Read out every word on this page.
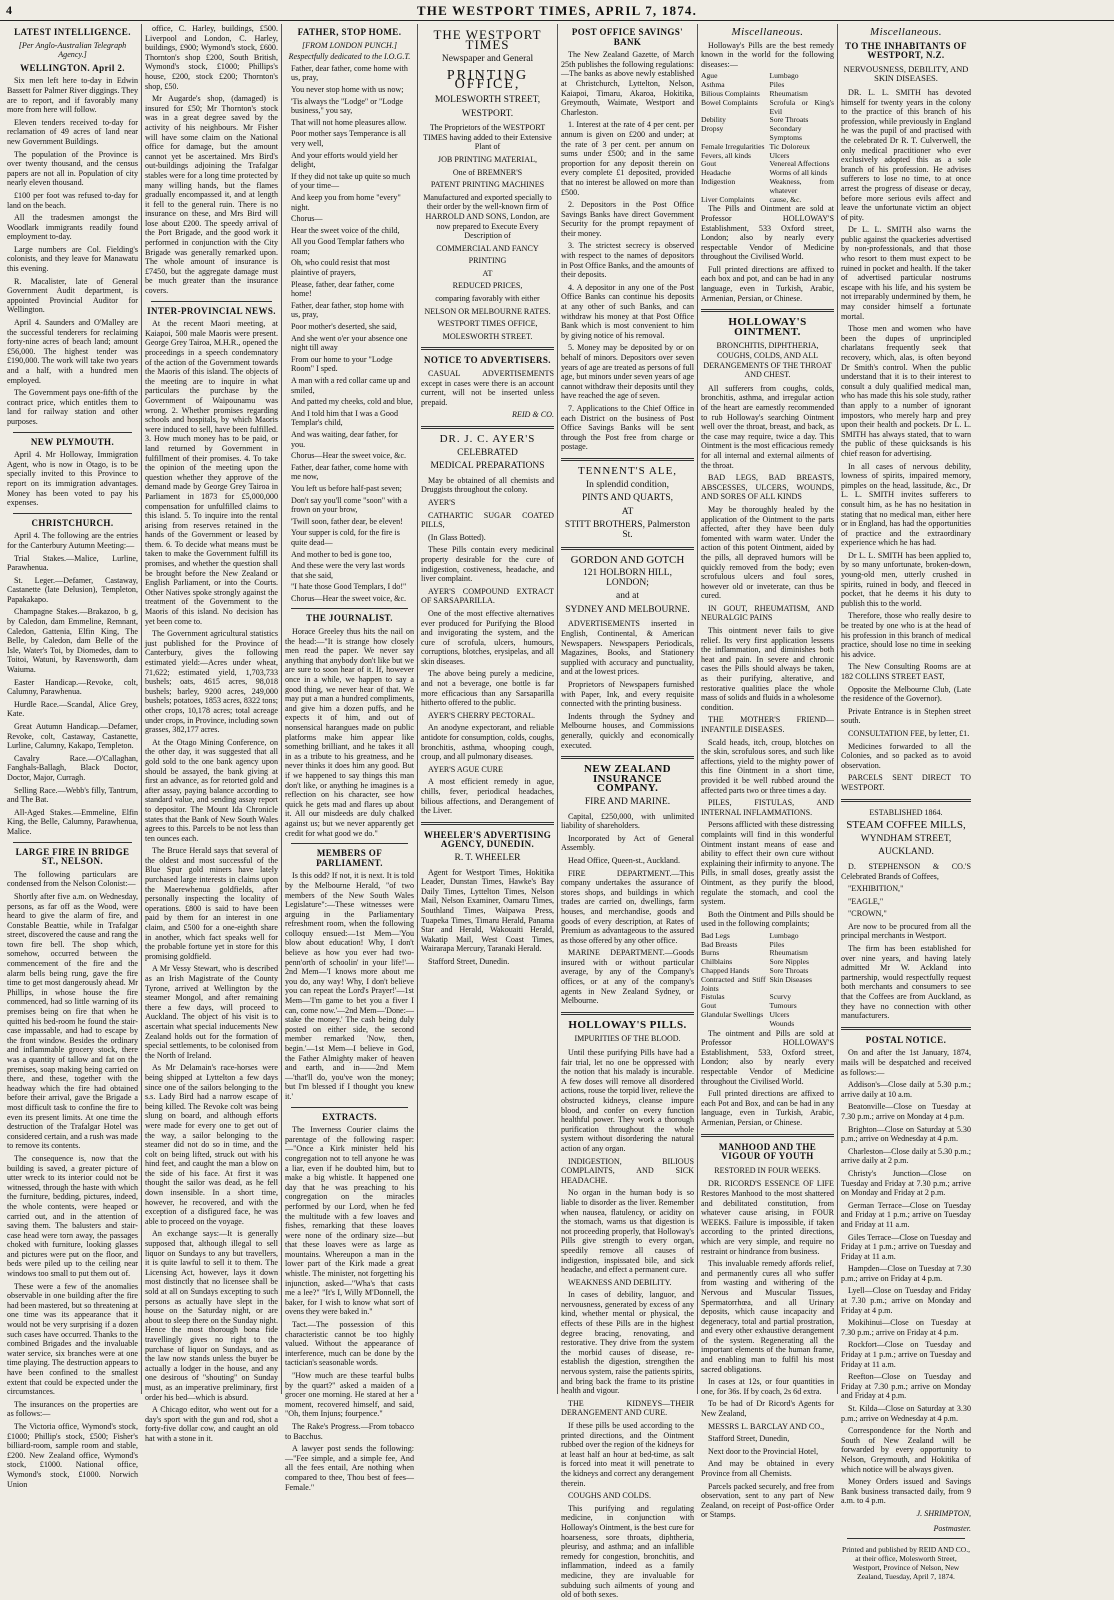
4	THE WESTPORT TIMES, APRIL 7, 1874.
LATEST INTELLIGENCE.
[Per Anglo-Australian Telegraph Agency.]
WELLINGTON. April 2.

Six men left here to-day in Edwin Bassett for Palmer River diggings. They are to report, and if favorably many more from here will follow.

Eleven tenders received to-day for reclamation of 49 acres of land near new Government Buildings.

The population of the Province is over twenty thousand, and the census papers are not all in. Population of city nearly eleven thousand.

£100 per foot was refused to-day for land on the beach.

All the tradesmen amongst the Woodlark immigrants readily found employment to-day.

Large numbers are Col. Fielding's colonists, and they leave for Manawatu this evening.

R. Macalister, late of General Government Audit department, is appointed Provincial Auditor for Wellington.

April 4. Saunders and O'Malley are the successful tenderers for reclaiming forty-nine acres of beach land; amount £56,000. The highest tender was £190,000. The work will take two years and a half, with a hundred men employed.

The Government pays one-fifth of the contract price, which entitles them to land for railway station and other purposes.

NEW PLYMOUTH.

April 4. Mr Holloway, Immigration Agent, who is now in Otago, is to be specially invited to this Province to report on its immigration advantages. Money has been voted to pay his expenses.

CHRISTCHURCH.

April 4. The following are the entries for the Canterbury Autumn Meeting:—

Trial Stakes.—Malice, Lurline, Parawhenua.

St. Leger.—Defamer, Castaway, Castanette (late Delusion), Templeton, Papakakapo.

Champagne Stakes.—Brakazoo, b g, by Caledon, dam Emmeline, Remnant, Caledon, Gattenia, Elfin King, The Belle, by Caledon, dam Belle of the Isle, Water's Toi, by Diomedes, dam to Toitoi, Watuni, by Ravensworth, dam Waiuma.

Easter Handicap.—Revoke, colt, Calumny, Parawhenua.

Hurdle Race.—Scandal, Alice Grey, Kate.

Great Autumn Handicap.—Defamer, Revoke, colt, Castaway, Castanette, Lurline, Calumny, Kakapo, Templeton.

Cavalry Race.—O'Callaghan, Fanghals-Ballagh, Black Doctor, Doctor, Major, Curragh.

Selling Race.—Webb's filly, Tantrum, and The Bat.

All-Aged Stakes.—Emmeline, Elfin King, the Belle, Calumny, Parawhenua, Malice.

LARGE FIRE IN BRIDGE ST., NELSON.

The following particulars are condensed from the Nelson Colonist:—

Shortly after five a.m. on Wednesday, persons, as far off as the Wood, were heard to give the alarm of fire, and Constable Beattie, while in Trafalgar street, discovered the cause and rang the town fire bell. The shop which, somehow, occurred between the commencement of the fire and the alarm bells being rung, gave the fire time to get most dangerously ahead. Mr Phillips, in whose house the fire commenced, had so little warning of its premises being on fire that when he quitted his bed-room he found the stair-case impassable, and had to escape by the front window. Besides the ordinary and inflammable grocery stock, there was a quantity of tallow and fat on the premises, soap making being carried on there, and these, together with the headway which the fire had obtained before their arrival, gave the Brigade a most difficult task to confine the fire to even its present limits. At one time the destruction of the Trafalgar Hotel was considered certain, and a rush was made to remove its contents.

The consequence is, now that the building is saved, a greater picture of utter wreck to its interior could not be witnessed, through the haste with which the furniture, bedding, pictures, indeed, the whole contents, were heaped or carried out, and in the attention of saving them. The balusters and stair-case head were torn away, the passages choked with furniture, looking glasses and pictures were put on the floor, and beds were piled up to the ceiling near windows too small to put them out of.

These were a few of the anomalies observable in one building after the fire had been mastered, but so threatening at one time was its appearance that it would not be very surprising if a dozen such cases have occurred. Thanks to the combined Brigades and the invaluable water service, six branches were at one time playing. The destruction appears to have been confined to the smallest extent that could be expected under the circumstances.

The insurances on the properties are as follows:—

The Victoria office, Wymond's stock, £1000; Phillip's stock, £500; Fisher's billiard-room, sample room and stable, £200. New Zealand office, Wymond's stock, £1000. National office, Wymond's stock, £1000. Norwich Union

office, C. Harley, buildings, £500. Liverpool and London, C. Harley, buildings, £900; Wymond's stock, £600. Thornton's shop £200, South British, Wymond's stock, £1000; Phillips's house, £200, stock £200; Thornton's shop, £50.

Mr Augarde's shop, (damaged) is insured for £50; Mr Thornton's stock was in a great degree saved by the activity of his neighbours. Mr Fisher will have some claim on the National office for damage, but the amount cannot yet be ascertained. Mrs Bird's out-buildings adjoining the Trafalgar stables were for a long time protected by many willing hands, but the flames gradually encompassed it, and at length it fell to the general ruin. There is no insurance on these, and Mrs Bird will lose about £200. The speedy arrival of the Port Brigade, and the good work it performed in conjunction with the City Brigade was generally remarked upon. The whole amount of insurance is £7450, but the aggregate damage must be much greater than the insurance covers.

INTER-PROVINCIAL NEWS.

At the recent Maori meeting, at Kaiapoi, 500 male Maoris were present. George Grey Tairoa, M.H.R., opened the proceedings in a speech condemnatory of the action of the Government towards the Maoris of this island. The objects of the meeting are to inquire in what particulars the purchase by the Government of Waipounamu was wrong. 2. Whether promises regarding schools and hospitals, by which Maoris were induced to sell, have been fulfilled. 3. How much money has to be paid, or land returned by Government in fulfillment of their promises. 4. To take the opinion of the meeting upon the question whether they approve of the demand made by George Grey Tairoa in Parliament in 1873 for £5,000,000 compensation for unfulfilled claims to this island. 5. To inquire into the rental arising from reserves retained in the hands of the Government or leased by them. 6. To decide what means must be taken to make the Government fulfill its promises, and whether the question shall be brought before the New Zealand or English Parliament, or into the Courts. Other Natives spoke strongly against the treatment of the Government to the Maoris of this island. No decision has yet been come to.

The Government agricultural statistics just published for the Province of Canterbury, gives the following estimated yield:—Acres under wheat, 71,622; estimated yield, 1,703,733 bushels; oats, 4615 acres, 98,018 bushels; barley, 9200 acres, 249,000 bushels; potatoes, 1853 acres, 8322 tons; other crops, 10,178 acres; total acreage under crops, in Province, including sown grasses, 382,177 acres.

At the Otago Mining Conference, on the other day, it was suggested that all gold sold to the one bank agency upon should be assayed, the bank giving at first an advance, as for retorted gold and after assay, paying balance according to standard value, and sending assay report to depositor. The Mount Ida Chronicle states that the Bank of New South Wales agrees to this. Parcels to be not less than ten ounces each.

The Bruce Herald says that several of the oldest and most successful of the Blue Spur gold miners have lately purchased large interests in claims upon the Maerewhenua goldfields, after personally inspecting the locality of operations. £800 is said to have been paid by them for an interest in one claim, and £500 for a one-eighth share in another, which fact speaks well for the probable fortune yet in store for this promising goldfield.

A Mr Vessy Stewart, who is described as an Irish Magistrate of the County Tyrone, arrived at Wellington by the steamer Mongol, and after remaining there a few days, will proceed to Auckland. The object of his visit is to ascertain what special inducements New Zealand holds out for the formation of special settlements, to be colonised from the North of Ireland.

As Mr Delamain's race-horses were being shipped at Lyttelton a few days since one of the sailors belonging to the s.s. Lady Bird had a narrow escape of being killed. The Revoke colt was being slung on board, and although efforts were made for every one to get out of the way, a sailor belonging to the steamer did not do so in time, and the colt on being lifted, struck out with his hind feet, and caught the man a blow on the side of his face. At first it was thought the sailor was dead, as he fell down insensible. In a short time, however, he recovered, and with the exception of a disfigured face, he was able to proceed on the voyage.

An exchange says:—It is generally supposed that, although illegal to sell liquor on Sundays to any but travellers, it is quite lawful to sell it to them. The Licensing Act, however, lays it down most distinctly that no licensee shall be sold at all on Sundays excepting to such persons as actually have slept in the house on the Saturday night, or are about to sleep there on the Sunday night. Hence the most thorough bona fide travellingly gives no right to the purchase of liquor on Sundays, and as the law now stands unless the buyer be actually a lodger in the house, and any one desirous of "shouting" on Sunday must, as an imperative preliminary, first order his bed—which is absurd.

A Chicago editor, who went out for a day's sport with the gun and rod, shot a forty-five dollar cow, and caught an old hat with a stone in it.

FATHER, STOP HOME.
[FROM LONDON PUNCH.]
Respectfully dedicated to the I.O.G.T.

Father, dear father, come home with us, pray,

You never stop home with us now;

'Tis always the "Lodge" or "Lodge business," you say,

That will not home pleasures allow.

Poor mother says Temperance is all very well,

And your efforts would yield her delight,

If they did not take up quite so much of your time—

And keep you from home "every" night.

Chorus—

Hear the sweet voice of the child,

All you Good Templar fathers who roam;

Oh, who could resist that most plaintive of prayers,

Please, father, dear father, come home!

Father, dear father, stop home with us, pray,

Poor mother's deserted, she said,

And she went o'er your absence one night till away

From our home to your "Lodge Room" I sped.

A man with a red collar came up and smiled,

And patted my cheeks, cold and blue,

And I told him that I was a Good Templar's child,

And was waiting, dear father, for you.

Chorus—Hear the sweet voice, &c.

Father, dear father, come home with me now,

You left us before half-past seven;

Don't say you'll come "soon" with a frown on your brow,

'Twill soon, father dear, be eleven!

Your supper is cold, for the fire is quite dead—

And mother to bed is gone too,

And these were the very last words that she said,

"I hate those Good Templars, I do!"

Chorus—Hear the sweet voice, &c.

THE JOURNALIST.

Horace Greeley thus hits the nail on the head:—"It is strange how closely men read the paper. We never say anything that anybody don't like but we are sure to soon hear of it. If, however once in a while, we happen to say a good thing, we never hear of that. We may put a man a hundred compliments, and give him a dozen puffs, and he expects it of him, and out of nonsensical harangues made on public platforms make him appear like something brilliant, and he takes it all in as a tribute to his greatness, and he never thinks it does him any good. But if we happened to say things this man don't like, or anything he imagines is a reflection on his character, see how quick he gets mad and flares up about it. All our misdeeds are duly chalked against us; but we never apparently get credit for what good we do."

MEMBERS OF PARLIAMENT.

Is this odd? If not, it is next. It is told by the Melbourne Herald, "of two members of the New South Wales Legislature":—These witnesses were arguing in the Parliamentary refreshment room, when the following colloquy ensued:—1st Mem—'You blow about education! Why, I don't believe as how you ever had two-penn'orth of schoolin' in your life!'—2nd Mem—'I knows more about me you do, any way! Why, I don't believe you can repeat the Lord's Prayer!'—1st Mem—'I'm game to bet you a fiver I can, come now.'—2nd Mem—'Done:—stake the money.' The cash being duly posted on either side, the second member remarked 'Now, then, begin.'—1st Mem—I believe in God, the Father Almighty maker of heaven and earth, and in——2nd Mem—'that'll do, you've won the money; but I'm blessed if I thought you knew it.'

EXTRACTS.

The Inverness Courier claims the parentage of the following rasper:—"Once a Kirk minister held his congregation not to tell anyone he was a liar, even if he doubted him, but to make a big whistle. It happened one day that he was preaching to his congregation on the miracles performed by our Lord, when he fed the multitude with a few loaves and fishes, remarking that these loaves were none of the ordinary size—but that these loaves were as large as mountains. Whereupon a man in the lower part of the Kirk made a great whistle. The minister, not forgetting his injunction, asked—"Wha's that casts me a lee?" "It's I, Willy M'Donnell, the baker, for I wish to know what sort of ovens they were baked in."

Tact.—The possession of this characteristic cannot be too highly valued. Without the appearance of interference, much can be done by the tactician's seasonable words.

"How much are these tearful bulbs by the quart?" asked a maiden of a grocer one morning. He stared at her a moment, recovered himself, and said, "Oh, them Injuns; fourpence."

The Rake's Progress.—From tobacco to Bacchus.

A lawyer post sends the following:—"Fee simple, and a simple fee, And all the fees entail, Are nothing when compared to thee, Thou best of fees—Female."

THE WESTPORT TIMES
Newspaper and General
PRINTING OFFICE,
MOLESWORTH STREET,
WESTPORT.

The Proprietors of the WESTPORT TIMES having added to their Extensive Plant of

JOB PRINTING MATERIAL,

One of BREMNER'S

PATENT PRINTING MACHINES

Manufactured and exported specially to their order by the well-known firm of HARROLD AND SONS, London, are now prepared to Execute Every Description of

COMMERCIAL AND FANCY

PRINTING

AT

REDUCED PRICES,

comparing favorably with either

NELSON OR MELBOURNE RATES.

WESTPORT TIMES OFFICE,

MOLESWORTH STREET.

NOTICE TO ADVERTISERS.

CASUAL ADVERTISEMENTS except in cases were there is an account current, will not be inserted unless prepaid.

REID & CO.
DR. J. C. AYER'S
CELEBRATED
MEDICAL PREPARATIONS

May be obtained of all chemists and Druggists throughout the colony.

AYER'S

CATHARTIC SUGAR COATED PILLS,

(In Glass Botted).

These Pills contain every medicinal property desirable for the cure of indigestion, costiveness, headache, and liver complaint.

AYER'S COMPOUND EXTRACT OF SARSAPARILLA.

One of the most effective alternatives ever produced for Purifying the Blood and invigorating the system, and the cure of scrofula, ulcers, humours, corruptions, blotches, erysipelas, and all skin diseases.

The above being purely a medicine, and not a beverage, one bottle is far more efficacious than any Sarsaparilla hitherto offered to the public.

AYER'S CHERRY PECTORAL.

An anodyne expectorant, and reliable antidote for consumption, colds, coughs, bronchitis, asthma, whooping cough, croup, and all pulmonary diseases.

AYER'S AGUE CURE

A most efficient remedy in ague, chills, fever, periodical headaches, bilious affections, and Derangement of the Liver.

WHEELER'S ADVERTISING AGENCY, DUNEDIN.
R. T. WHEELER

Agent for Westport Times, Hokitika Leader, Dunstan Times, Hawke's Bay Daily Times, Lyttelton Times, Nelson Mail, Nelson Examiner, Oamaru Times, Southland Times, Waipawa Press, Tuapeka Times, Timaru Herald, Panama Star and Herald, Wakouaiti Herald, Wakatip Mail, West Coast Times, Wairarapa Mercury, Taranaki Herald.

Stafford Street, Dunedin.

POST OFFICE SAVINGS' BANK

The New Zealand Gazette, of March 25th publishes the following regulations:—The banks as above newly established at Christchurch, Lyttelton, Nelson, Kaiapoi, Timaru, Akaroa, Hokitika, Greymouth, Waimate, Westport and Charleston.

1. Interest at the rate of 4 per cent. per annum is given on £200 and under; at the rate of 3 per cent. per annum on sums under £500; and in the same proportion for any deposit therein on every complete £1 deposited, provided that no interest be allowed on more than £500.

2. Depositors in the Post Office Savings Banks have direct Government Security for the prompt repayment of their money.

3. The strictest secrecy is observed with respect to the names of depositors in Post Office Banks, and the amounts of their deposits.

4. A depositor in any one of the Post Office Banks can continue his deposits at any other of such Banks, and can withdraw his money at that Post Office Bank which is most convenient to him by giving notice of his removal.

5. Money may be deposited by or on behalf of minors. Depositors over seven years of age are treated as persons of full age, but minors under seven years of age cannot withdraw their deposits until they have reached the age of seven.

7. Applications to the Chief Office in each District on the business of Post Office Savings Banks will be sent through the Post free from charge or postage.

TENNENT'S ALE,
In splendid condition,
PINTS AND QUARTS,
AT
STITT BROTHERS, Palmerston St.
GORDON AND GOTCH
121 HOLBORN HILL, LONDON;
and at
SYDNEY AND MELBOURNE.

ADVERTISEMENTS inserted in English, Continental, & American Newspapers. Newspapers Periodicals, Magazines, Books, and Stationery supplied with accuracy and punctuality, and at the lowest prices.

Proprietors of Newspapers furnished with Paper, Ink, and every requisite connected with the printing business.

Indents through the Sydney and Melbourne houses, and Commissions generally, quickly and economically executed.

NEW ZEALAND INSURANCE COMPANY.
FIRE AND MARINE.

Capital, £250,000, with unlimited liability of shareholders.

Incorporated by Act of General Assembly.

Head Office, Queen-st., Auckland.

FIRE DEPARTMENT.—This company undertakes the assurance of stores shops, and buildings in which trades are carried on, dwellings, farm houses, and merchandise, goods and goods of every description, at Rates of Premium as advantageous to the assured as those offered by any other office.

MARINE DEPARTMENT.—Goods insured with or without particular average, by any of the Company's offices, or at any of the company's agents in New Zealand Sydney, or Melbourne.

HOLLOWAY'S PILLS.
IMPURITIES OF THE BLOOD.

Until these purifying Pills have had a fair trial, let no one be oppressed with the notion that his malady is incurable. A few doses will remove all disordered actions, rouse the torpid liver, relieve the obstructed kidneys, cleanse impure blood, and confer on every function healthful power. They work a thorough purification throughout the whole system without disordering the natural action of any organ.

INDIGESTION, BILIOUS COMPLAINTS, AND SICK HEADACHE.

No organ in the human body is so liable to disorder as the liver. Remember when nausea, flatulency, or acidity on the stomach, warns us that digestion is not proceeding properly, that Holloway's Pills give strength to every organ, speedily remove all causes of indigestion, inspissated bile, and sick headache, and effect a permanent cure.

WEAKNESS AND DEBILITY.

In cases of debility, languor, and nervousness, generated by excess of any kind, whether mental or physical, the effects of these Pills are in the highest degree bracing, renovating, and restorative. They drive from the system the morbid causes of disease, re-establish the digestion, strengthen the nervous system, raise the patients spirits, and bring back the frame to its pristine health and vigour.

THE KIDNEYS—THEIR DERANGEMENT AND CURE.

If these pills be used according to the printed directions, and the Ointment rubbed over the region of the kidneys for at least half an hour at bed-time, as salt is forced into meat it will penetrate to the kidneys and correct any derangement therein.

COUGHS AND COLDS.

This purifying and regulating medicine, in conjunction with Holloway's Ointment, is the best cure for hoarseness, sore throats, diphtheria, pleurisy, and asthma; and an infallible remedy for congestion, bronchitis, and inflammation, indeed as a family medicine, they are invaluable for subduing such ailments of young and old of both sexes.

Miscellaneous.

Holloway's Pills are the best remedy known in the world for the following diseases:—

Ague	Lumbago
Asthma	Piles
Bilious Complaints	Rheumatism
Bowel Complaints	Scrofula or King's Evil
Debility	Sore Throats
Dropsy	Secondary Symptoms
Female Irregularities Tic Doloreux
Fevers, all kinds	Ulcers
Gout	Venereal Affections
Headache	Worms of all kinds
Indigestion	Weakness, from whatever
Liver Complaints	cause, &c.

The Pills and Ointment are sold at Professor HOLLOWAY'S Establishment, 533 Oxford street, London; also by nearly every respectable Vendor of Medicine throughout the Civilised World.

Full printed directions are affixed to each box and pot, and can be had in any language, even in Turkish, Arabic, Armenian, Persian, or Chinese.

HOLLOWAY'S OINTMENT.
BRONCHITIS, DIPHTHERIA, COUGHS, COLDS, AND ALL DERANGEMENTS OF THE THROAT AND CHEST.

All sufferers from coughs, colds, bronchitis, asthma, and irregular action of the heart are earnestly recommended to rub Holloway's searching Ointment well over the throat, breast, and back, as the case may require, twice a day. This Ointment is the most efficacious remedy for all internal and external ailments of the throat.

BAD LEGS, BAD BREASTS, ABSCESSES, ULCERS, WOUNDS, AND SORES OF ALL KINDS

May be thoroughly healed by the application of the Ointment to the parts affected, after they have been duly fomented with warm water. Under the action of this potent Ointment, aided by the pills, all depraved humors will be quickly removed from the body; even scrofulous ulcers and foul sores, however old or inveterate, can thus be cured.

IN GOUT, RHEUMATISM, AND NEURALGIC PAINS

This ointment never fails to give relief. Its very first application lessens the inflammation, and diminishes both heat and pain. In severe and chronic cases the Pills should always be taken, as their purifying, alterative, and restorative qualities place the whole mass of solids and fluids in a wholesome condition.

THE MOTHER'S FRIEND—INFANTILE DISEASES.

Scald heads, itch, croup, blotches on the skin, scrofulous sores, and such like affections, yield to the mighty power of this fine Ointment in a short time, provided it be well rubbed around the affected parts two or three times a day.

PILES, FISTULAS, AND INTERNAL INFLAMMATIONS.

Persons afflicted with these distressing complaints will find in this wonderful Ointment instant means of ease and ability to effect their own cure without explaining their infirmity to anyone. The Pills, in small doses, greatly assist the Ointment, as they purify the blood, regulate the stomach, and cool the system.

Both the Ointment and Pills should be used in the following complaints;

Bad Legs	Lumbago
Bad Breasts	Piles
Burns	Rheumatism
Chilblains	Sore Nipples
Chapped Hands	Sore Throats
Contracted and Stiff Joints
Skin Diseases
Fistulas	Scurvy
Gout	Tumours
Glandular Swellings Ulcers
Wounds

The ointment and Pills are sold at Professor HOLLOWAY'S Establishment, 533, Oxford street, London; also by nearly every respectable Vendor of Medicine throughout the Civilised World.

Full printed directions are affixed to each Pot and Box, and can be had in any language, even in Turkish, Arabic, Armenian, Persian, or Chinese.

MANHOOD AND THE VIGOUR OF YOUTH
RESTORED IN FOUR WEEKS.

DR. RICORD'S ESSENCE OF LIFE Restores Manhood to the most shattered and debilitated constitution, from whatever cause arising, in FOUR WEEKS. Failure is impossible, if taken according to the printed directions, which are very simple, and require no restraint or hindrance from business.

This invaluable remedy affords relief, and permanently cures all who suffer from wasting and withering of the Nervous and Muscular Tissues, Spermatorrhœa, and all Urinary deposits, which cause incapacity and degeneracy, total and partial prostration, and every other exhaustive derangement of the system. Regenerating all the important elements of the human frame, and enabling man to fulfil his most sacred obligations.

In cases at 12s, or four quantities in one, for 36s. If by coach, 2s 6d extra.

To be had of Dr Ricord's Agents for New Zealand,

MESSRS L. BARCLAY AND CO.,

Stafford Street, Dunedin,

Next door to the Provincial Hotel,

And may be obtained in every Province from all Chemists.

Parcels packed securely, and free from observation, sent to any part of New Zealand, on receipt of Post-office Order or Stamps.

Miscellaneous.
TO THE INHABITANTS OF WESTPORT, N.Z.
NERVOUSNESS, DEBILITY, AND SKIN DISEASES.

DR. L. L. SMITH has devoted himself for twenty years in the colony to the practice of this branch of his profession, while previously in England he was the pupil of and practised with the celebrated Dr R. T. Culverwell, the only medical practitioner who ever exclusively adopted this as a sole branch of his profession. He advises sufferers to lose no time, to at once arrest the progress of disease or decay, before more serious evils affect and leave the unfortunate victim an object of pity.

Dr L. L. SMITH also warns the public against the quackeries advertised by non-professionals, and that those who resort to them must expect to be ruined in pocket and health. If the taker of advertised particular nostrums escape with his life, and his system be not irreparably undermined by them, he may consider himself a fortunate mortal.

Those men and women who have been the dupes of unprincipled charlatans frequently seek that recovery, which, alas, is often beyond Dr Smith's control. When the public understand that it is to their interest to consult a duly qualified medical man, who has made this his sole study, rather than apply to a number of ignorant impostors, who merely harp and prey upon their health and pockets. Dr L. L. SMITH has always stated, that to warn the public of these quicksands is his chief reason for advertising.

In all cases of nervous debility, lowness of spirits, impaired memory, pimples on the head, lassitude, &c., Dr L. L. SMITH invites sufferers to consult him, as he has no hesitation in stating that no medical man, either here or in England, has had the opportunities of practice and the extraordinary experience which he has had.

Dr L. L. SMITH has been applied to, by so many unfortunate, broken-down, young-old men, utterly crushed in spirits, ruined in body, and fleeced in pocket, that he deems it his duty to publish this to the world.

Therefore, those who really desire to be treated by one who is at the head of his profession in this branch of medical practice, should lose no time in seeking his advice.

The New Consulting Rooms are at 182 COLLINS STREET EAST,

Opposite the Melbourne Club, (Late the residence of the Governor).

Private Entrance is in Stephen street south.

CONSULTATION FEE, by letter, £1.

Medicines forwarded to all the Colonies, and so packed as to avoid observation.

PARCELS SENT DIRECT TO WESTPORT.

ESTABLISHED 1864.
STEAM COFFEE MILLS,
WYNDHAM STREET,
AUCKLAND.

D. STEPHENSON & CO.'S Celebrated Brands of Coffees,

"EXHIBITION,"

"EAGLE,"

"CROWN,"

Are now to be procured from all the principal merchants in Westport.

The firm has been established for over nine years, and having lately admitted Mr W. Ackland into partnership, would respectfully request both merchants and consumers to see that the Coffees are from Auckland, as they have no connection with other manufacturers.

POSTAL NOTICE.

On and after the 1st January, 1874, mails will be despatched and received as follows:—

Addison's—Close daily at 5.30 p.m.; arrive daily at 10 a.m.

Beatonville—Close on Tuesday at 7.30 p.m.; arrive on Monday at 4 p.m.

Brighton—Close on Saturday at 5.30 p.m.; arrive on Wednesday at 4 p.m.

Charleston—Close daily at 5.30 p.m.; arrive daily at 2 p.m.

Christy's Junction—Close on Tuesday and Friday at 7.30 p.m.; arrive on Monday and Friday at 2 p.m.

German Terrace—Close on Tuesday and Friday at 1 p.m.; arrive on Tuesday and Friday at 11 a.m.

Giles Terrace—Close on Tuesday and Friday at 1 p.m.; arrive on Tuesday and Friday at 11 a.m.

Hampden—Close on Tuesday at 7.30 p.m.; arrive on Friday at 4 p.m.

Lyell—Close on Tuesday and Friday at 7.30 p.m.; arrive on Monday and Friday at 4 p.m.

Mokihinui—Close on Tuesday at 7.30 p.m.; arrive on Friday at 4 p.m.

Rockfort—Close on Tuesday and Friday at 1 p.m.; arrive on Tuesday and Friday at 11 a.m.

Reefton—Close on Tuesday and Friday at 7.30 p.m.; arrive on Monday and Friday at 4 p.m.

St. Kilda—Close on Saturday at 3.30 p.m.; arrive on Wednesday at 4 p.m.

Correspondence for the North and South of New Zealand will be forwarded by every opportunity to Nelson, Greymouth, and Hokitika of which notice will be always given.

Money Orders issued and Savings Bank business transacted daily, from 9 a.m. to 4 p.m.

J. SHRIMPTON,
Postmaster.
Printed and published by REID AND CO., at their office, Molesworth Street, Westport, Province of Nelson, New Zealand, Tuesday, April 7, 1874.
